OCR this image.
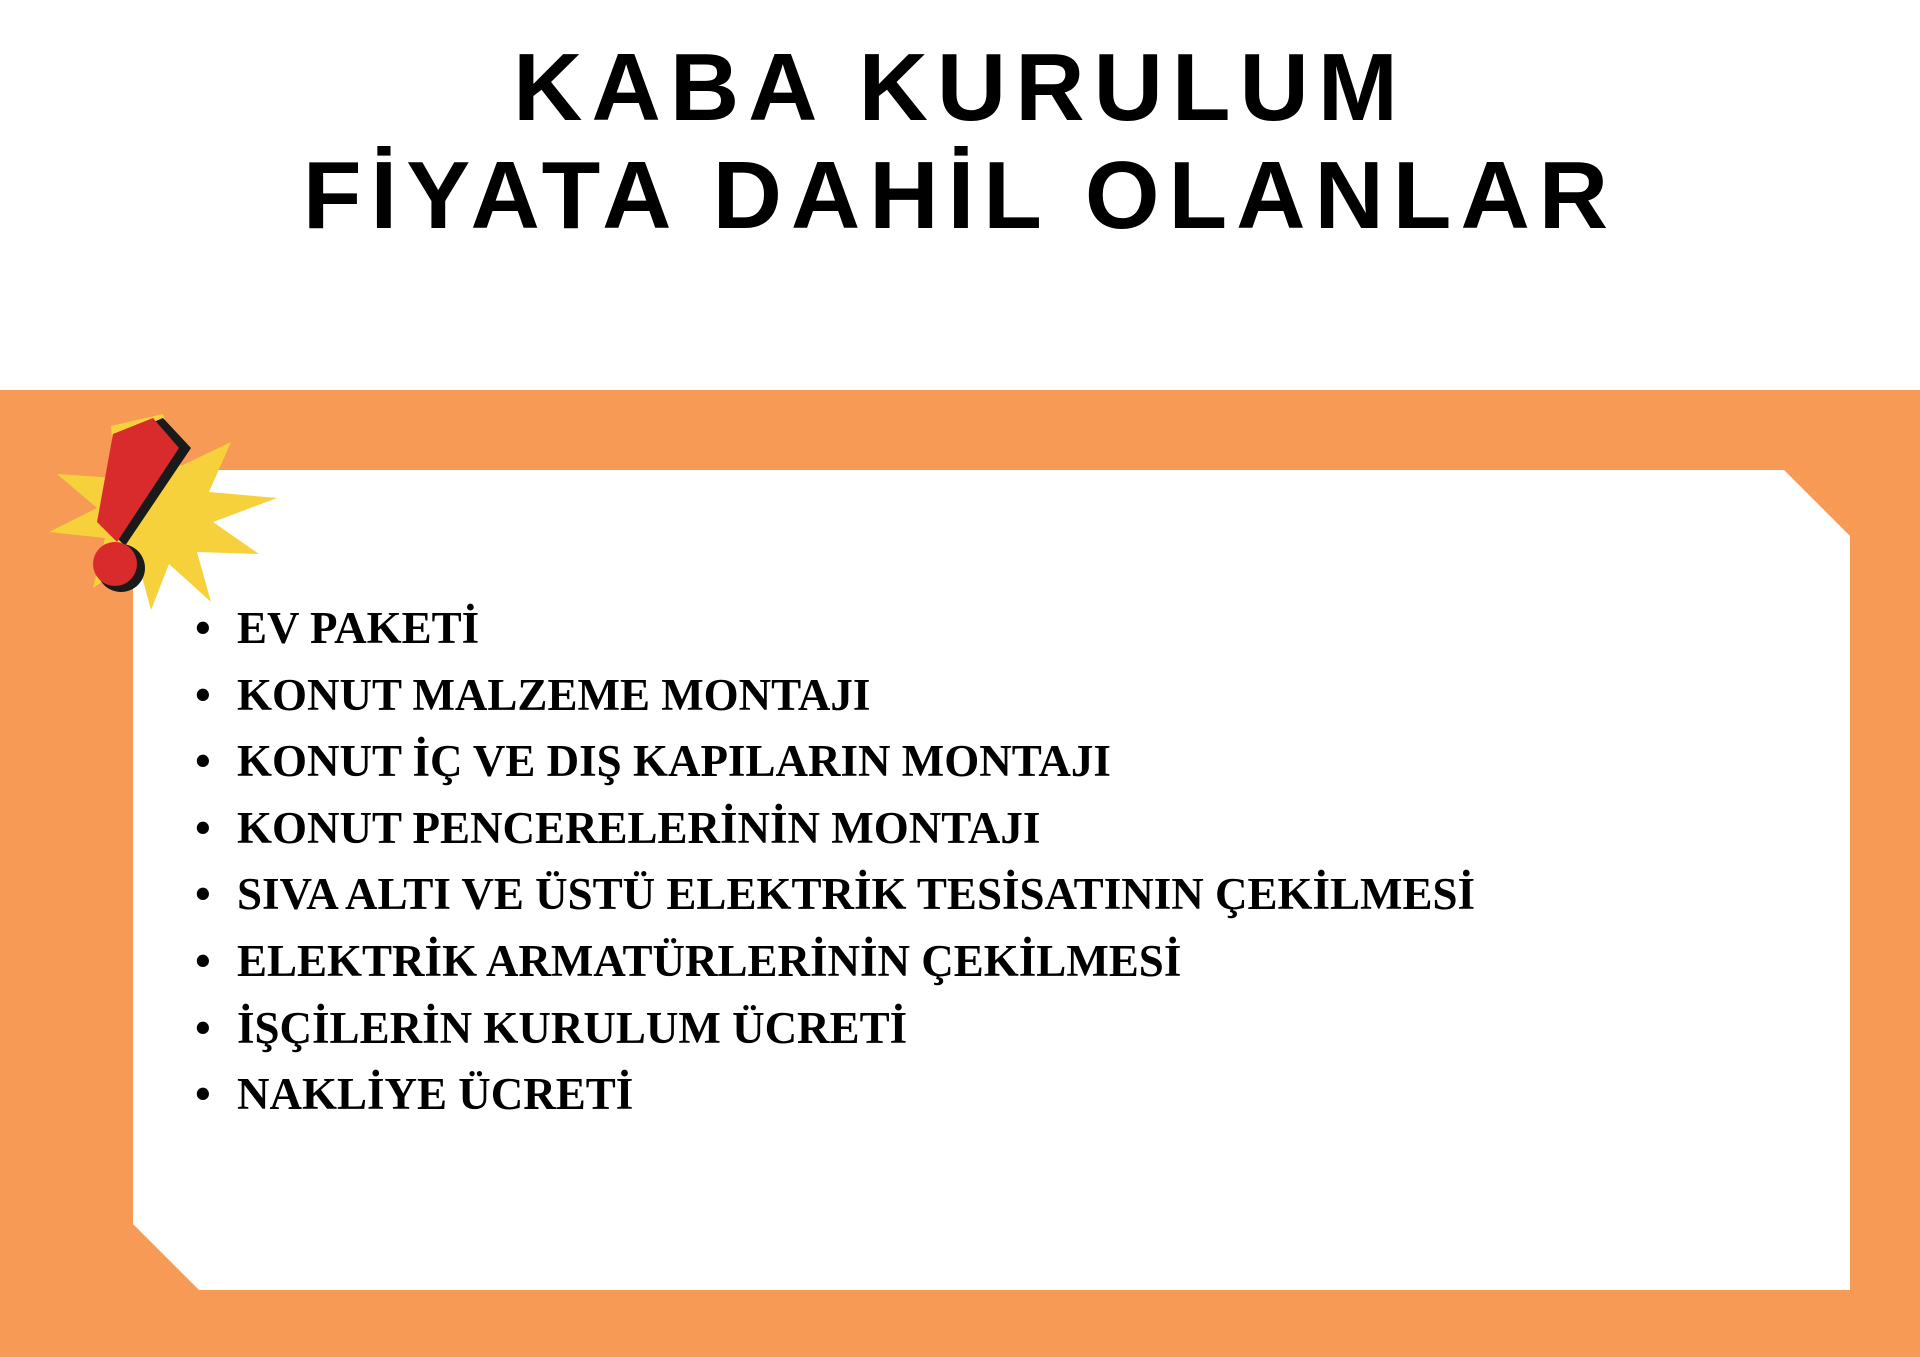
KABA KURULUM
FİYATA DAHİL OLANLAR
• EV PAKETİ
• KONUT MALZEME MONTAJI
• KONUT İÇ VE DIŞ KAPILARIN MONTAJI
• KONUT PENCERELERİNİN MONTAJI
• SIVA ALTI VE ÜSTÜ ELEKTRİK TESİSATININ ÇEKİLMESİ
• ELEKTRİK ARMATÜRLERİNİN ÇEKİLMESİ
• İŞÇİLERİN KURULUM ÜCRETİ
• NAKLİYE ÜCRETİ
